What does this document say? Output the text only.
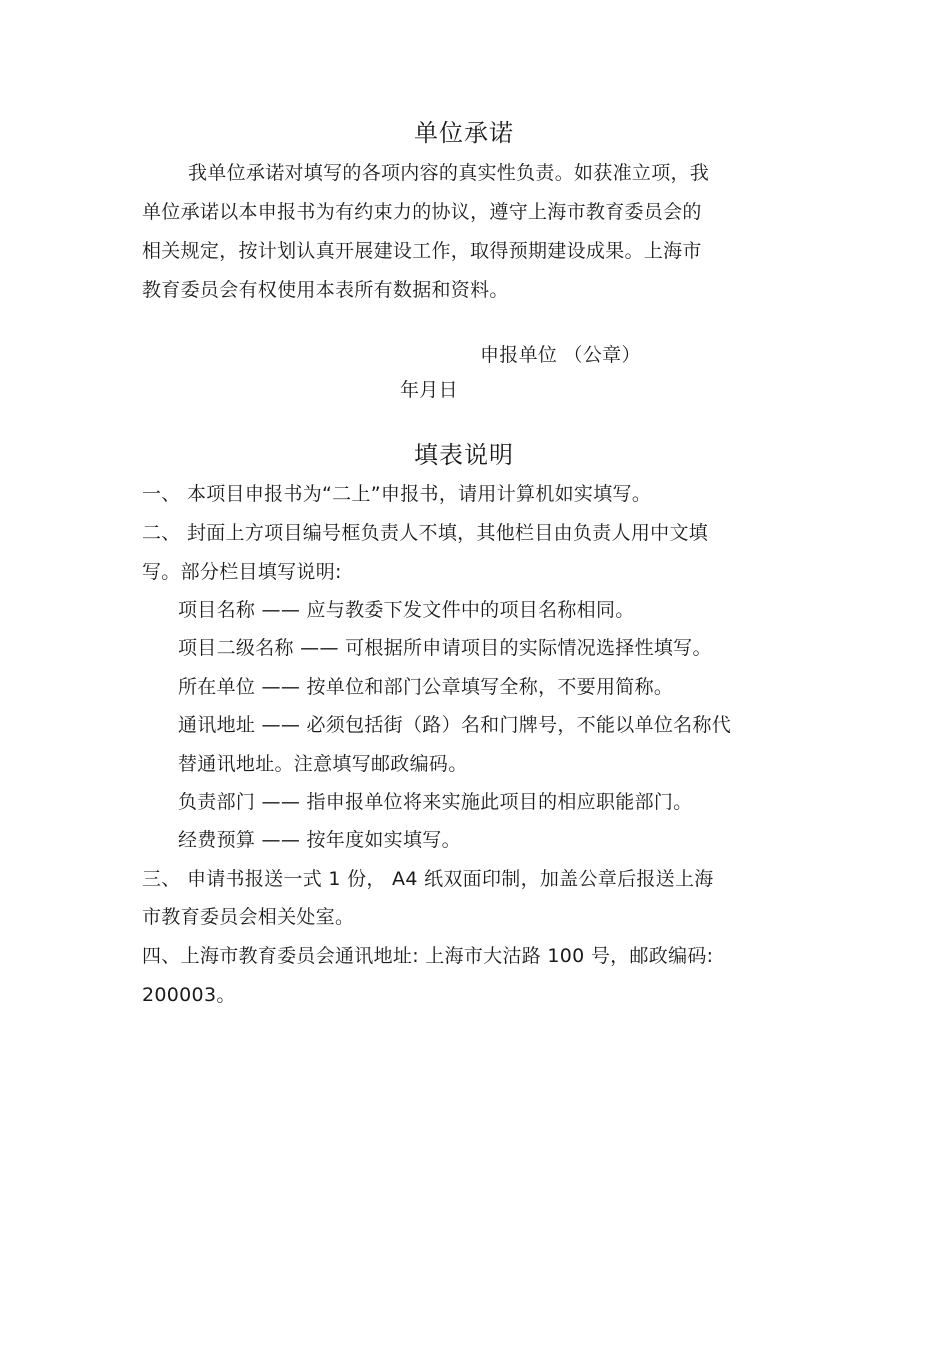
单位承诺
我单位承诺对填写的各项内容的真实性负责。如获准立项，我
单位承诺以本申报书为有约束力的协议，遵守上海市教育委员会的
相关规定，按计划认真开展建设工作，取得预期建设成果。上海市
教育委员会有权使用本表所有数据和资料。
申报单位 （公章）
年月日
填表说明
一、 本项目申报书为“二上”申报书，请用计算机如实填写。
二、 封面上方项目编号框负责人不填，其他栏目由负责人用中文填
写。部分栏目填写说明:
项目名称 —— 应与教委下发文件中的项目名称相同。
项目二级名称 —— 可根据所申请项目的实际情况选择性填写。
所在单位 —— 按单位和部门公章填写全称，不要用简称。
通讯地址 —— 必须包括街（路）名和门牌号，不能以单位名称代
替通讯地址。注意填写邮政编码。
负责部门 —— 指申报单位将来实施此项目的相应职能部门。
经费预算 —— 按年度如实填写。
三、 申请书报送一式 1 份， A4 纸双面印制，加盖公章后报送上海
市教育委员会相关处室。
四、上海市教育委员会通讯地址: 上海市大沽路 100 号，邮政编码:
200003。
